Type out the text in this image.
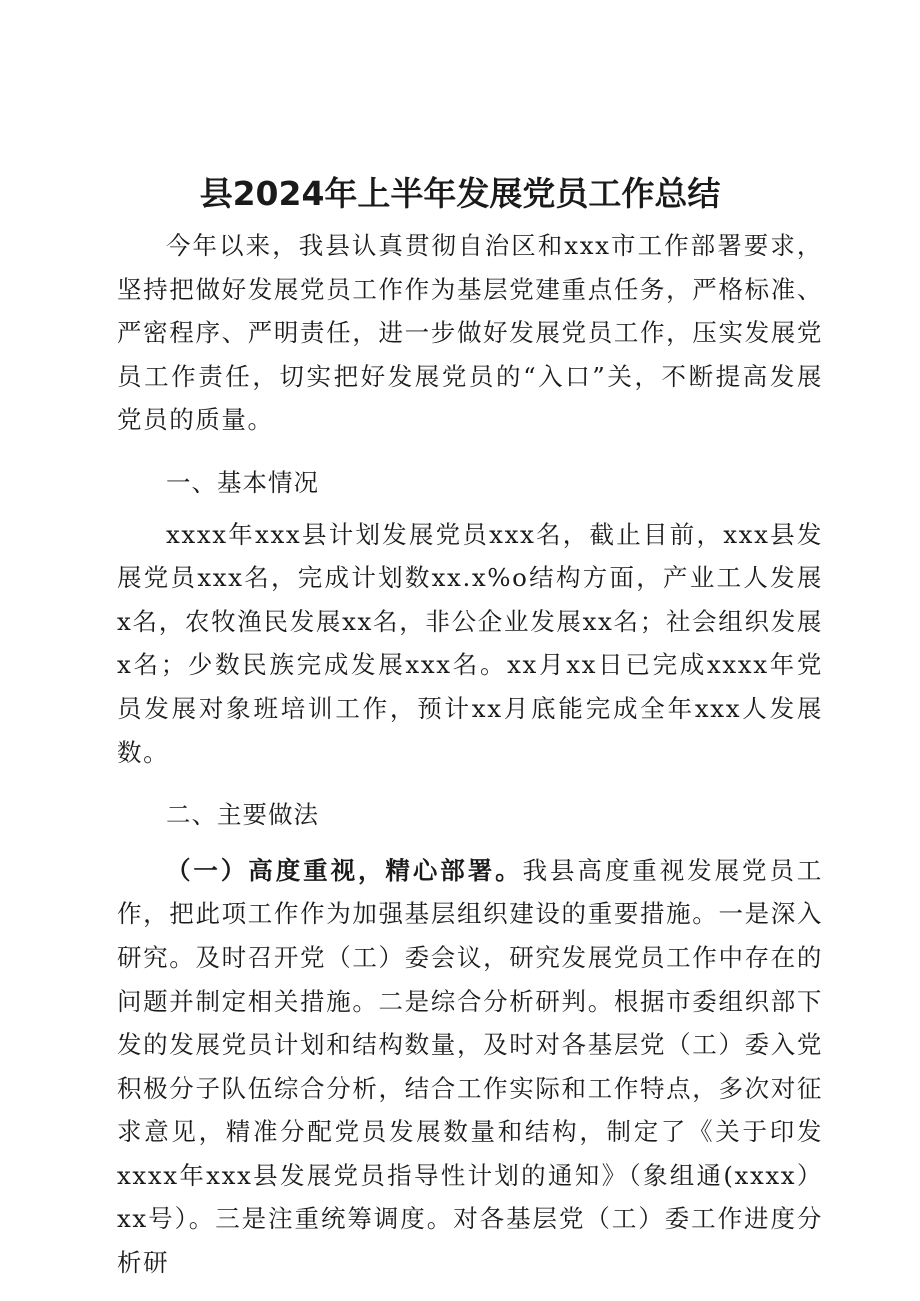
县2024年上半年发展党员工作总结

今年以来，我县认真贯彻自治区和xxx市工作部署要求，坚持把做好发展党员工作作为基层党建重点任务，严格标准、严密程序、严明责任，进一步做好发展党员工作，压实发展党员工作责任，切实把好发展党员的“入口”关，不断提高发展党员的质量。

一、基本情况

xxxx年xxx县计划发展党员xxx名，截止目前，xxx县发展党员xxx名，完成计划数xx.x%o结构方面，产业工人发展x名，农牧渔民发展xx名，非公企业发展xx名；社会组织发展x名；少数民族完成发展xxx名。xx月xx日已完成xxxx年党员发展对象班培训工作，预计xx月底能完成全年xxx人发展数。

二、主要做法

（一）高度重视，精心部署。我县高度重视发展党员工作，把此项工作作为加强基层组织建设的重要措施。一是深入研究。及时召开党（工）委会议，研究发展党员工作中存在的问题并制定相关措施。二是综合分析研判。根据市委组织部下发的发展党员计划和结构数量，及时对各基层党（工）委入党积极分子队伍综合分析，结合工作实际和工作特点，多次对征求意见，精准分配党员发展数量和结构，制定了《关于印发xxxx年xxx县发展党员指导性计划的通知》（象组通(xxxx）xx号）。三是注重统筹调度。对各基层党（工）委工作进度分析研
